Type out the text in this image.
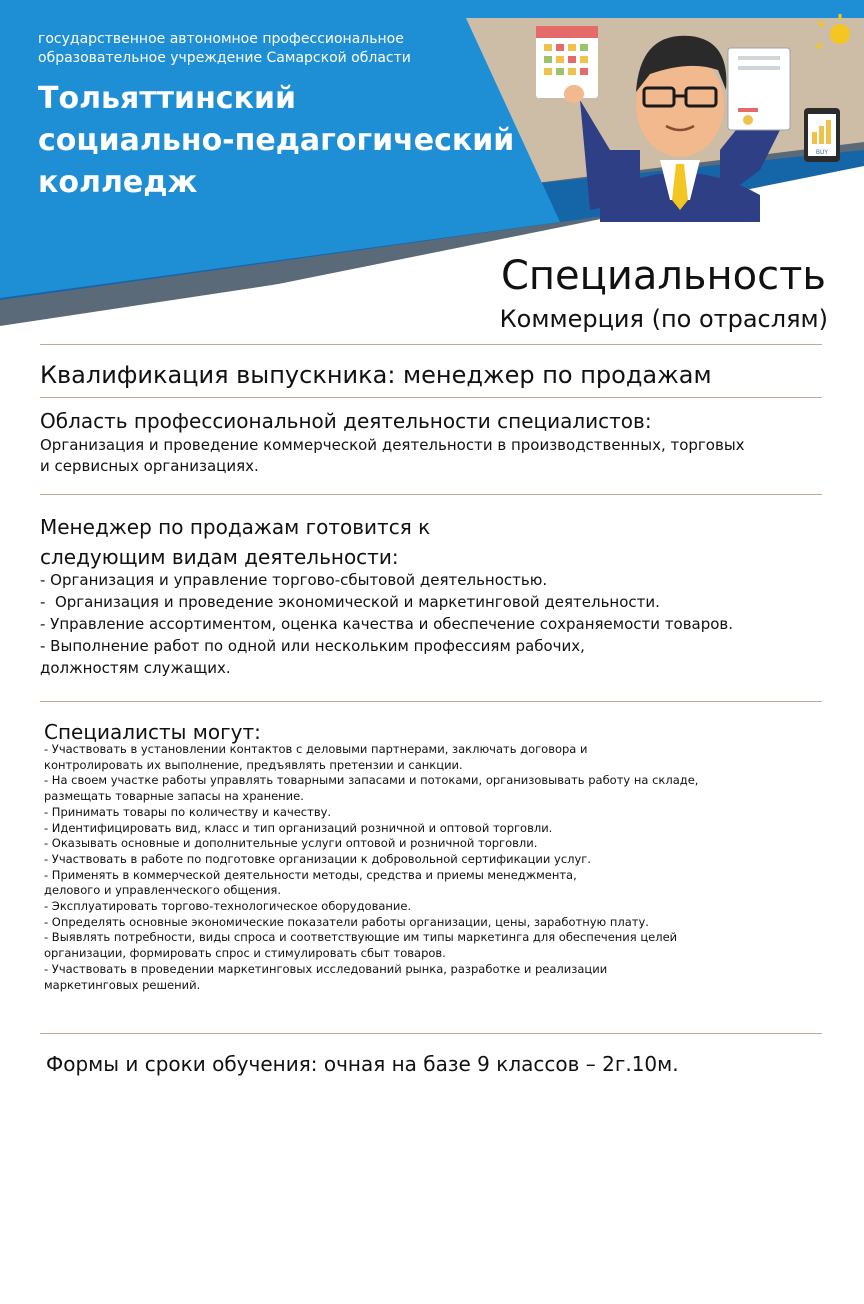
BUY
государственное автономное профессиональное
образовательное учреждение Самарской области
Тольяттинский
социально-педагогический
колледж
Специальность
Коммерция (по отраслям)
Квалификация выпускника: менеджер по продажам
Область профессиональной деятельности специалистов:
Организация и проведение коммерческой деятельности в производственных, торговых
и сервисных организациях.
Менеджер по продажам готовится к
следующим видам деятельности:
- Организация и управление торгово-сбытовой деятельностью.
-  Организация и проведение экономической и маркетинговой деятельности.
- Управление ассортиментом, оценка качества и обеспечение сохраняемости товаров.
- Выполнение работ по одной или нескольким профессиям рабочих,
должностям служащих.
Специалисты могут:
- Участвовать в установлении контактов с деловыми партнерами, заключать договора и
контролировать их выполнение, предъявлять претензии и санкции.
- На своем участке работы управлять товарными запасами и потоками, организовывать работу на складе,
размещать товарные запасы на хранение.
- Принимать товары по количеству и качеству.
- Идентифицировать вид, класс и тип организаций розничной и оптовой торговли.
- Оказывать основные и дополнительные услуги оптовой и розничной торговли.
- Участвовать в работе по подготовке организации к добровольной сертификации услуг.
- Применять в коммерческой деятельности методы, средства и приемы менеджмента,
делового и управленческого общения.
- Эксплуатировать торгово-технологическое оборудование.
- Определять основные экономические показатели работы организации, цены, заработную плату.
- Выявлять потребности, виды спроса и соответствующие им типы маркетинга для обеспечения целей
организации, формировать спрос и стимулировать сбыт товаров.
- Участвовать в проведении маркетинговых исследований рынка, разработке и реализации
маркетинговых решений.
Формы и сроки обучения: очная на базе 9 классов – 2г.10м.
